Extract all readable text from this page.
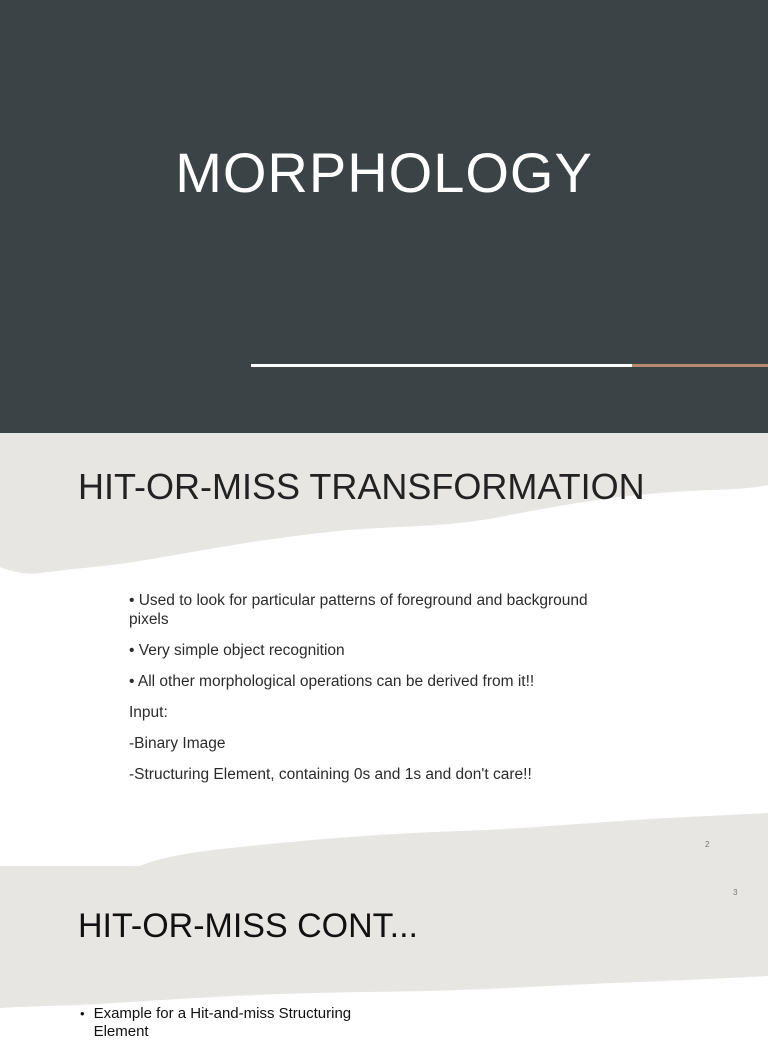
MORPHOLOGY
HIT-OR-MISS TRANSFORMATION
• Used to look for particular patterns of foreground and background pixels
• Very simple object recognition
• All other morphological operations can be derived from it!!
Input:
-Binary Image
-Structuring Element, containing 0s and 1s and don't care!!
2
3
HIT-OR-MISS CONT...
• Example for a Hit-and-miss Structuring Element
